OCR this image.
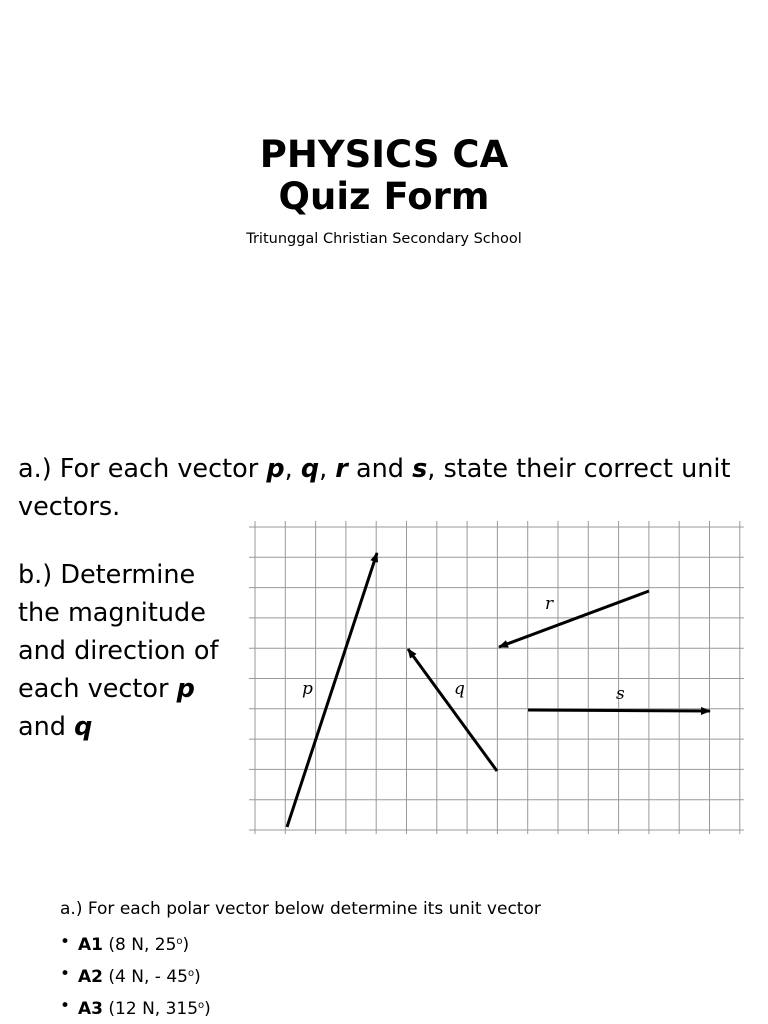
PHYSICS CA
Quiz Form
Tritunggal Christian Secondary School

a.) For each vector p, q, r and s, state their correct unit vectors.

b.) Determine the magnitude and direction of each vector p and q

p	q
r
s
a.) For each polar vector below determine its unit vector
• A1 (8 N, 25$^o$)
• A2 (4 N, - 45$^o$)
• A3 (12 N, 315$^o$)
